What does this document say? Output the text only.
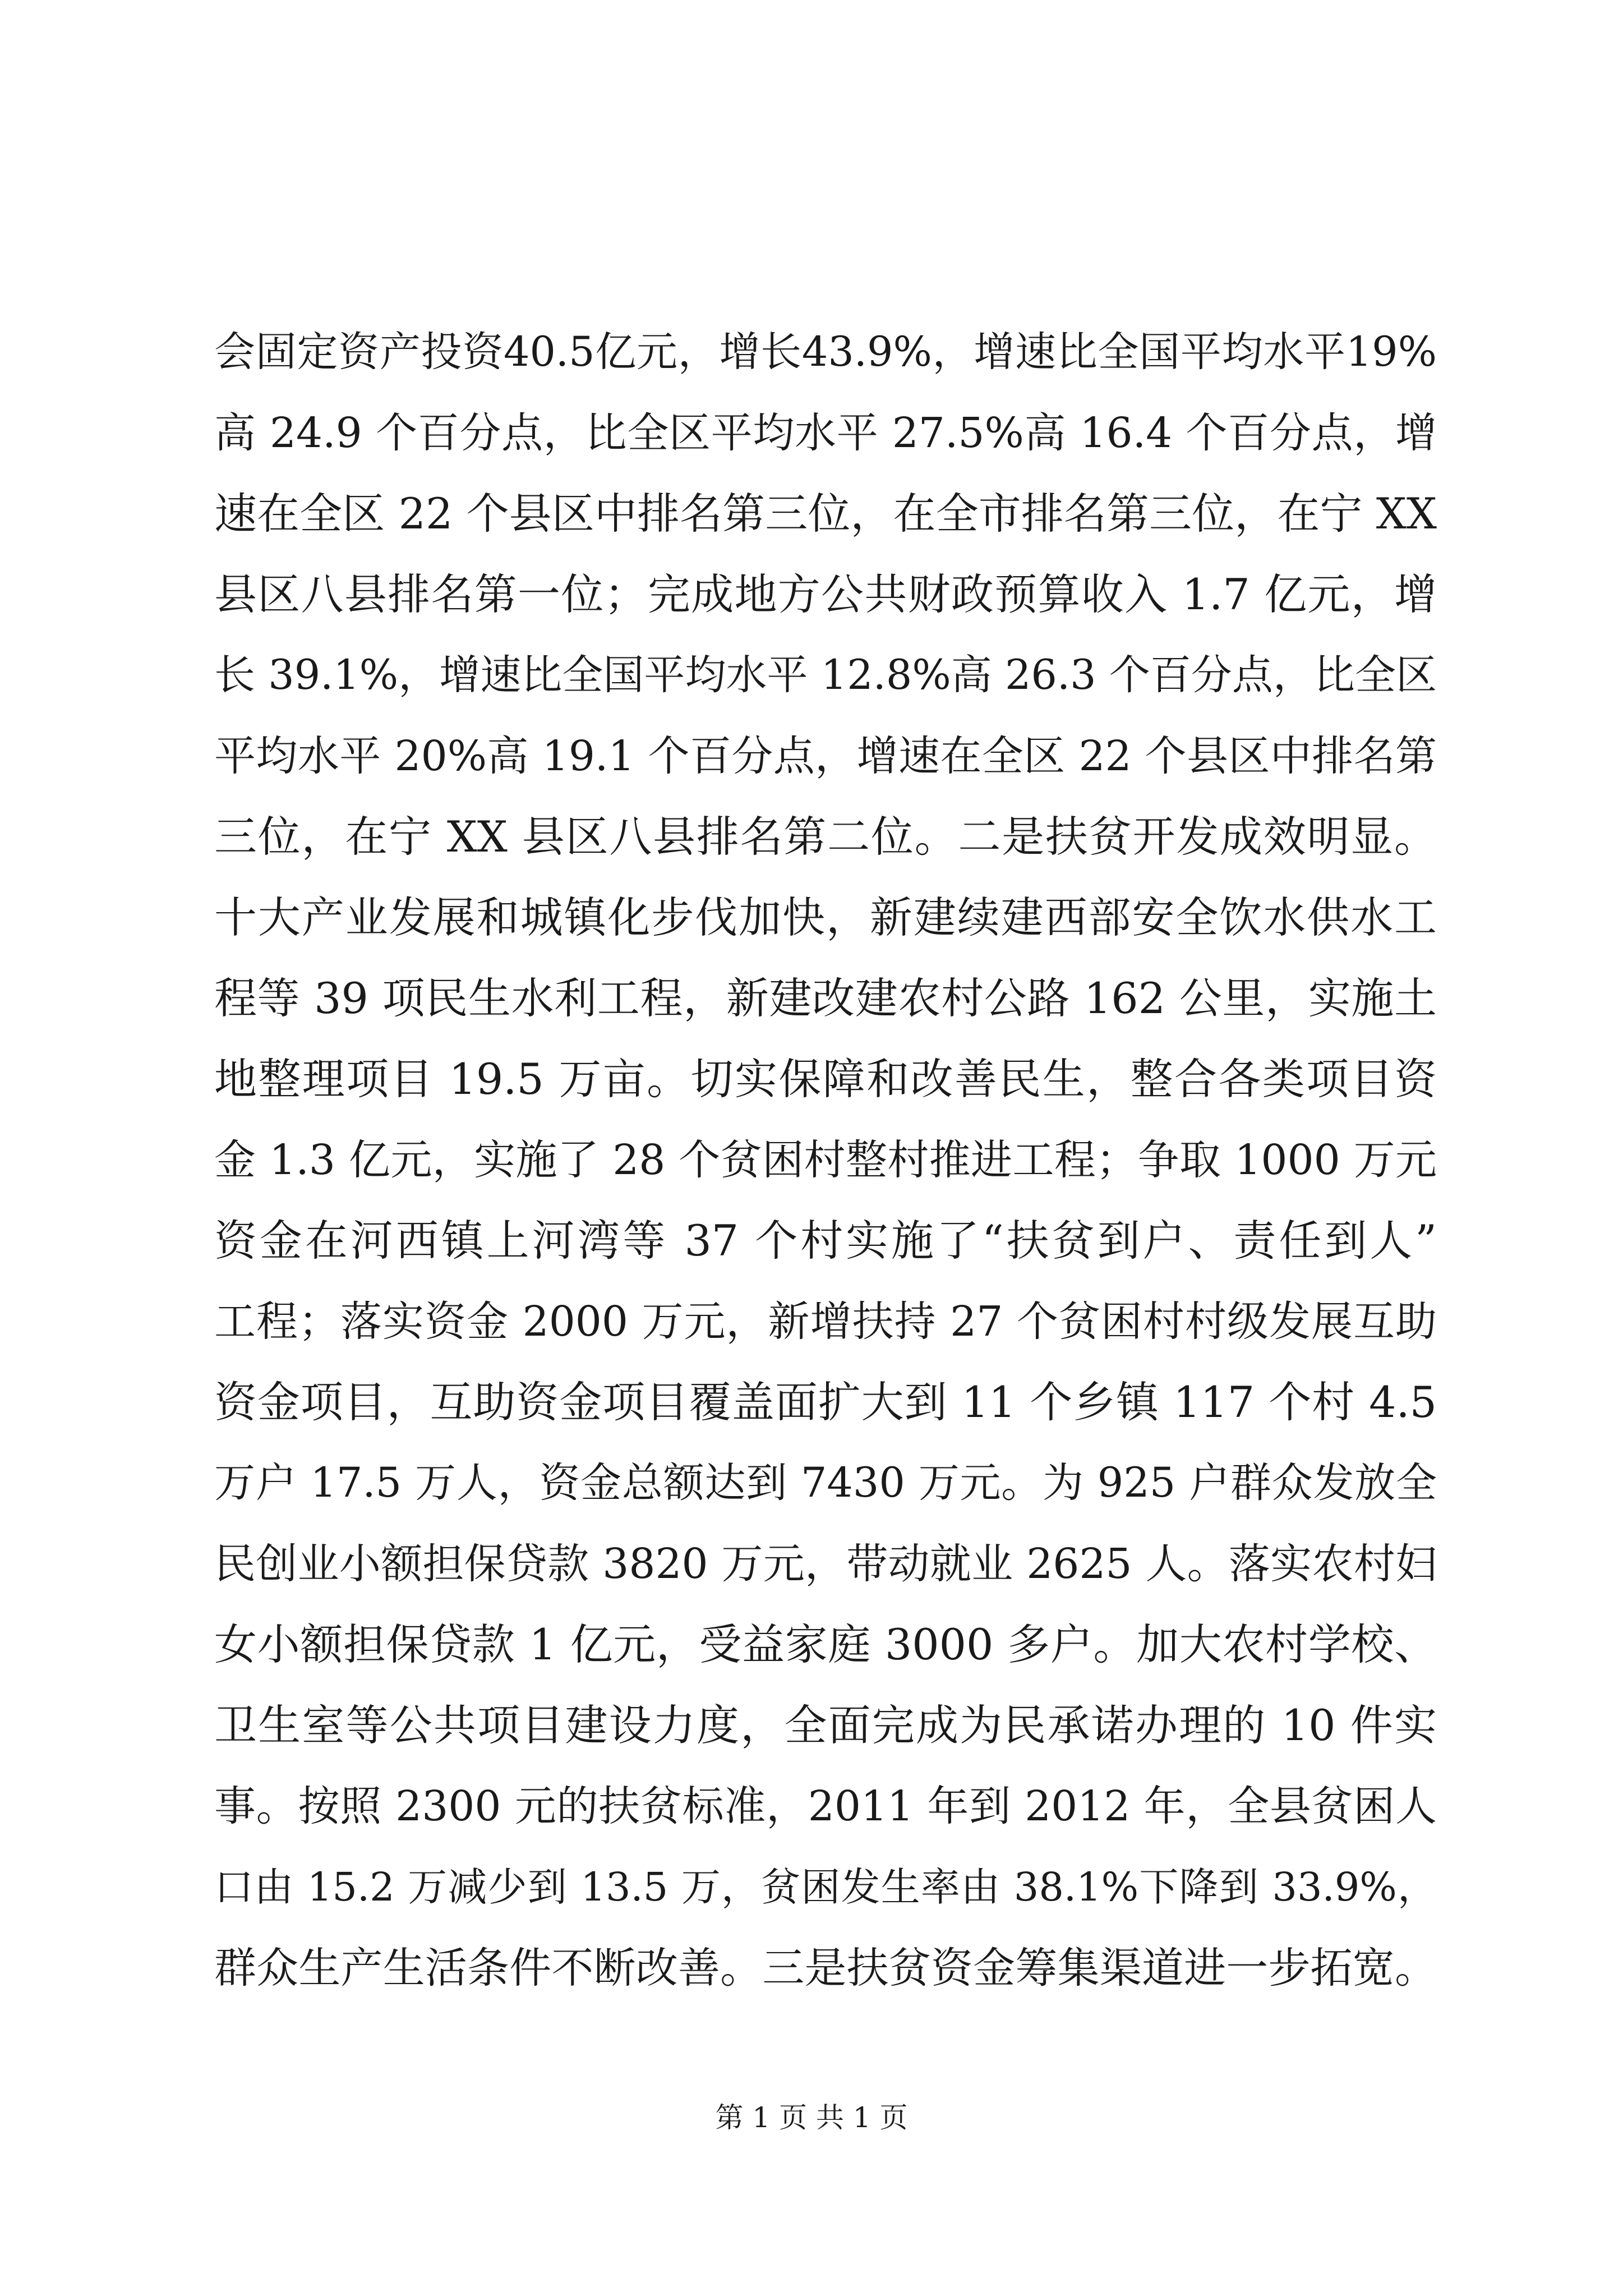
会固定资产投资40.5亿元，增长43.9%，增速比全国平均水平19%
高 24.9 个百分点，比全区平均水平 27.5%高 16.4 个百分点，增
速在全区 22 个县区中排名第三位，在全市排名第三位，在宁 XX
县区八县排名第一位；完成地方公共财政预算收入 1.7 亿元，增
长 39.1%，增速比全国平均水平 12.8%高 26.3 个百分点，比全区
平均水平 20%高 19.1 个百分点，增速在全区 22 个县区中排名第
三位，在宁 XX 县区八县排名第二位。二是扶贫开发成效明显。
十大产业发展和城镇化步伐加快，新建续建西部安全饮水供水工
程等 39 项民生水利工程，新建改建农村公路 162 公里，实施土
地整理项目 19.5 万亩。切实保障和改善民生，整合各类项目资
金 1.3 亿元，实施了 28 个贫困村整村推进工程；争取 1000 万元
资金在河西镇上河湾等 37 个村实施了“扶贫到户、责任到人”
工程；落实资金 2000 万元，新增扶持 27 个贫困村村级发展互助
资金项目，互助资金项目覆盖面扩大到 11 个乡镇 117 个村 4.5
万户 17.5 万人，资金总额达到 7430 万元。为 925 户群众发放全
民创业小额担保贷款 3820 万元，带动就业 2625 人。落实农村妇
女小额担保贷款 1 亿元，受益家庭 3000 多户。加大农村学校、
卫生室等公共项目建设力度，全面完成为民承诺办理的 10 件实
事。按照 2300 元的扶贫标准，2011 年到 2012 年，全县贫困人
口由 15.2 万减少到 13.5 万，贫困发生率由 38.1%下降到 33.9%，
群众生产生活条件不断改善。三是扶贫资金筹集渠道进一步拓宽。
第 1 页 共 1 页
